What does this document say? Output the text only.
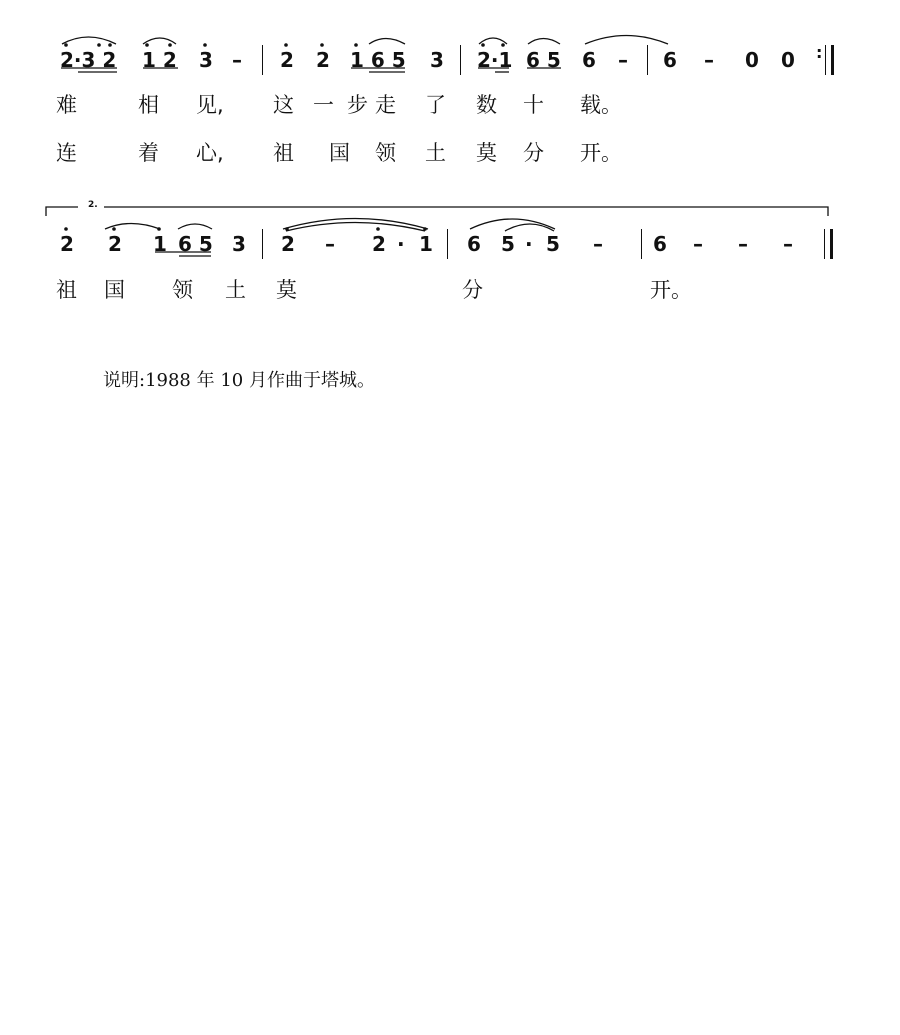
2·3 2 1 2 3 – 2 2 1 6 5 3 2·1 6 5 6 – 6 – 0 0 :
难	相 见, 这 一 步 走 了 数 十 载。
连	着 心, 祖 国 领 土 莫 分 开。
2.
2 2 1 6 5 3 2 – 2 · 1 6 5 · 5 –	6 – – –
祖 国 领 土 莫	分	开。
说明:1988 年 10 月作曲于塔城。
